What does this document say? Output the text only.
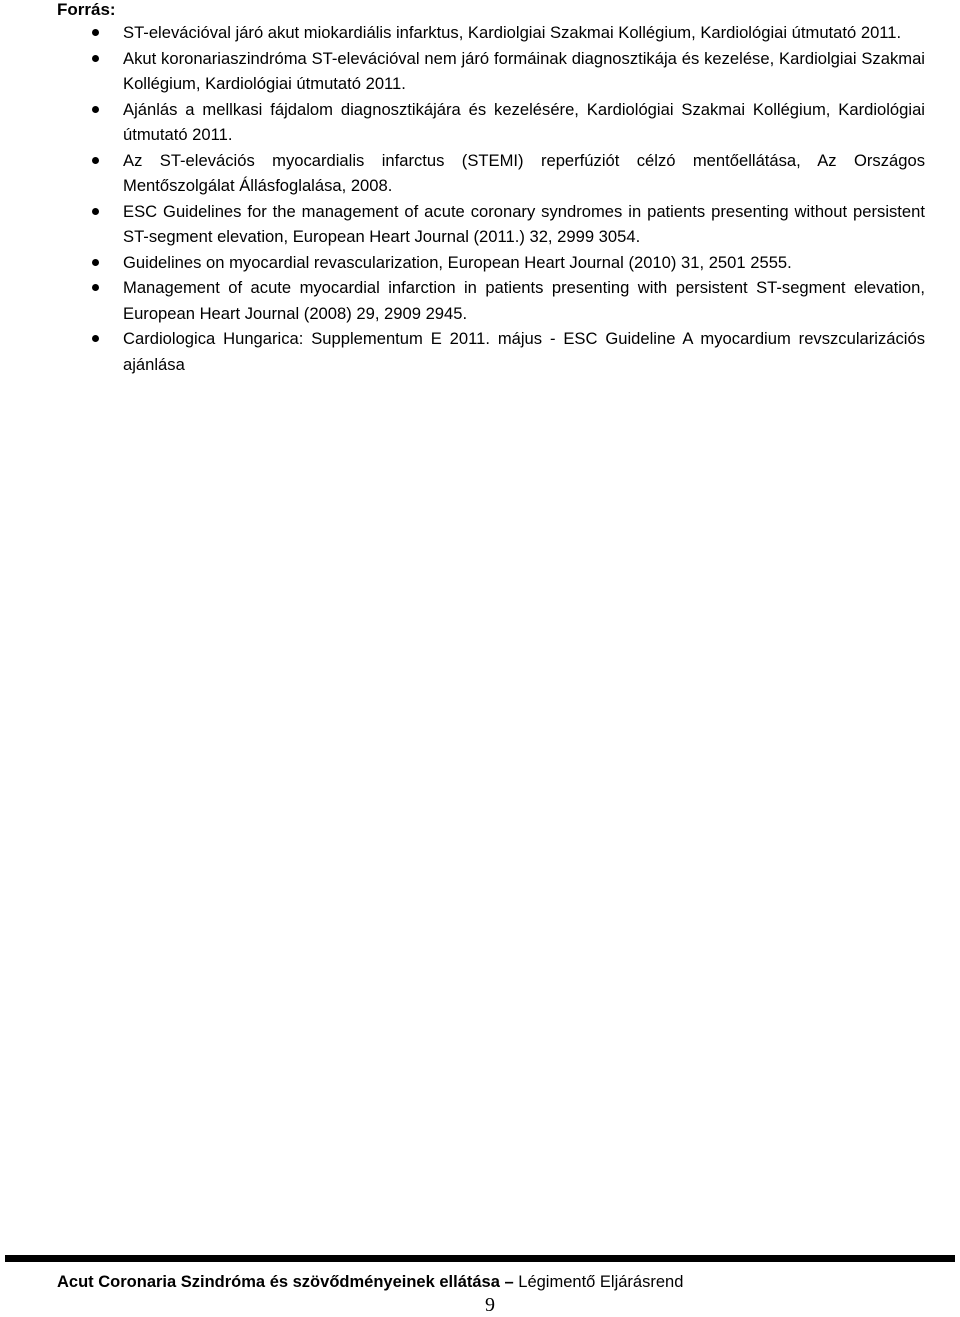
Forrás:

ST-elevációval járó akut miokardiális infarktus, Kardiolgiai Szakmai Kollégium, Kardiológiai útmutató 2011.
Akut koronariaszindróma ST-elevációval nem járó formáinak diagnosztikája és kezelése, Kardiolgiai Szakmai Kollégium, Kardiológiai útmutató 2011.
Ajánlás a mellkasi fájdalom diagnosztikájára és kezelésére, Kardiológiai Szakmai Kollégium, Kardiológiai útmutató 2011.
Az ST-elevációs myocardialis infarctus (STEMI) reperfúziót célzó mentőellátása, Az Országos Mentőszolgálat Állásfoglalása, 2008.
ESC Guidelines for the management of acute coronary syndromes in patients presenting without persistent ST-segment elevation, European Heart Journal (2011.) 32, 2999 3054.
Guidelines on myocardial revascularization, European Heart Journal (2010) 31, 2501 2555.
Management of acute myocardial infarction in patients presenting with persistent ST-segment elevation, European Heart Journal (2008) 29, 2909 2945.
Cardiologica Hungarica: Supplementum E 2011. május - ESC Guideline A myocardium revszcularizációs ajánlása
Acut Coronaria Szindróma és szövődményeinek ellátása – Légimentő Eljárásrend
9
